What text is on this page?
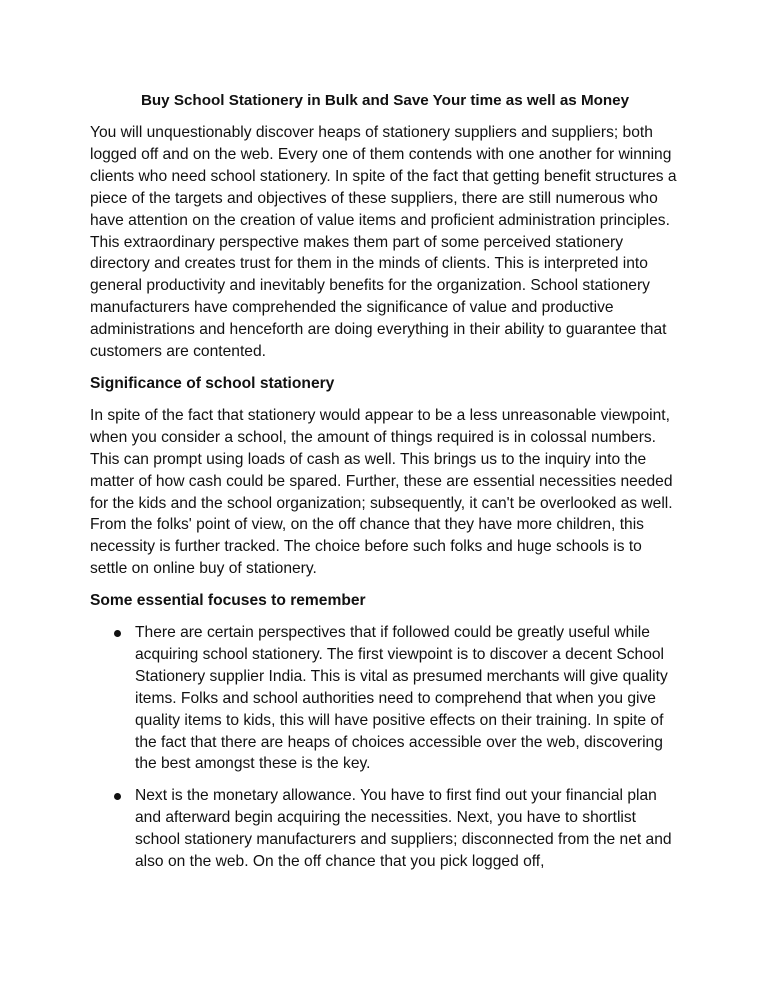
Buy School Stationery in Bulk and Save Your time as well as Money

You will unquestionably discover heaps of stationery suppliers and suppliers; both logged off and on the web. Every one of them contends with one another for winning clients who need school stationery. In spite of the fact that getting benefit structures a piece of the targets and objectives of these suppliers, there are still numerous who have attention on the creation of value items and proficient administration principles. This extraordinary perspective makes them part of some perceived stationery directory and creates trust for them in the minds of clients. This is interpreted into general productivity and inevitably benefits for the organization. School stationery manufacturers have comprehended the significance of value and productive administrations and henceforth are doing everything in their ability to guarantee that customers are contented.

Significance of school stationery

In spite of the fact that stationery would appear to be a less unreasonable viewpoint, when you consider a school, the amount of things required is in colossal numbers. This can prompt using loads of cash as well. This brings us to the inquiry into the matter of how cash could be spared. Further, these are essential necessities needed for the kids and the school organization; subsequently, it can't be overlooked as well. From the folks' point of view, on the off chance that they have more children, this necessity is further tracked. The choice before such folks and huge schools is to settle on online buy of stationery.

Some essential focuses to remember
There are certain perspectives that if followed could be greatly useful while acquiring school stationery. The first viewpoint is to discover a decent School Stationery supplier India. This is vital as presumed merchants will give quality items. Folks and school authorities need to comprehend that when you give quality items to kids, this will have positive effects on their training. In spite of the fact that there are heaps of choices accessible over the web, discovering the best amongst these is the key.
Next is the monetary allowance. You have to first find out your financial plan and afterward begin acquiring the necessities. Next, you have to shortlist school stationery manufacturers and suppliers; disconnected from the net and also on the web. On the off chance that you pick logged off,
